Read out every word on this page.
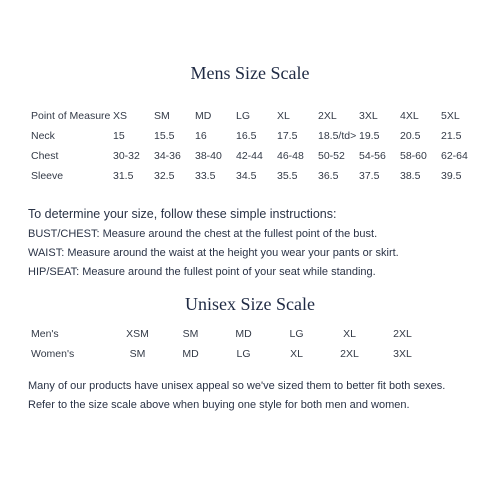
Mens Size Scale
Point of Measure	XS	SM	MD	LG	XL	2XL	3XL	4XL	5XL
Neck	15	15.5	16	16.5	17.5	18.5/td>	19.5	20.5	21.5
Chest	30-32	34-36	38-40	42-44	46-48	50-52	54-56	58-60	62-64
Sleeve	31.5	32.5	33.5	34.5	35.5	36.5	37.5	38.5	39.5
To determine your size, follow these simple instructions:
BUST/CHEST: Measure around the chest at the fullest point of the bust.
WAIST: Measure around the waist at the height you wear your pants or skirt.
HIP/SEAT: Measure around the fullest point of your seat while standing.
Unisex Size Scale
Men's	XSM	SM	MD	LG	XL	2XL
Women's	SM	MD	LG	XL	2XL	3XL
Many of our products have unisex appeal so we've sized them to better fit both sexes.
Refer to the size scale above when buying one style for both men and women.
